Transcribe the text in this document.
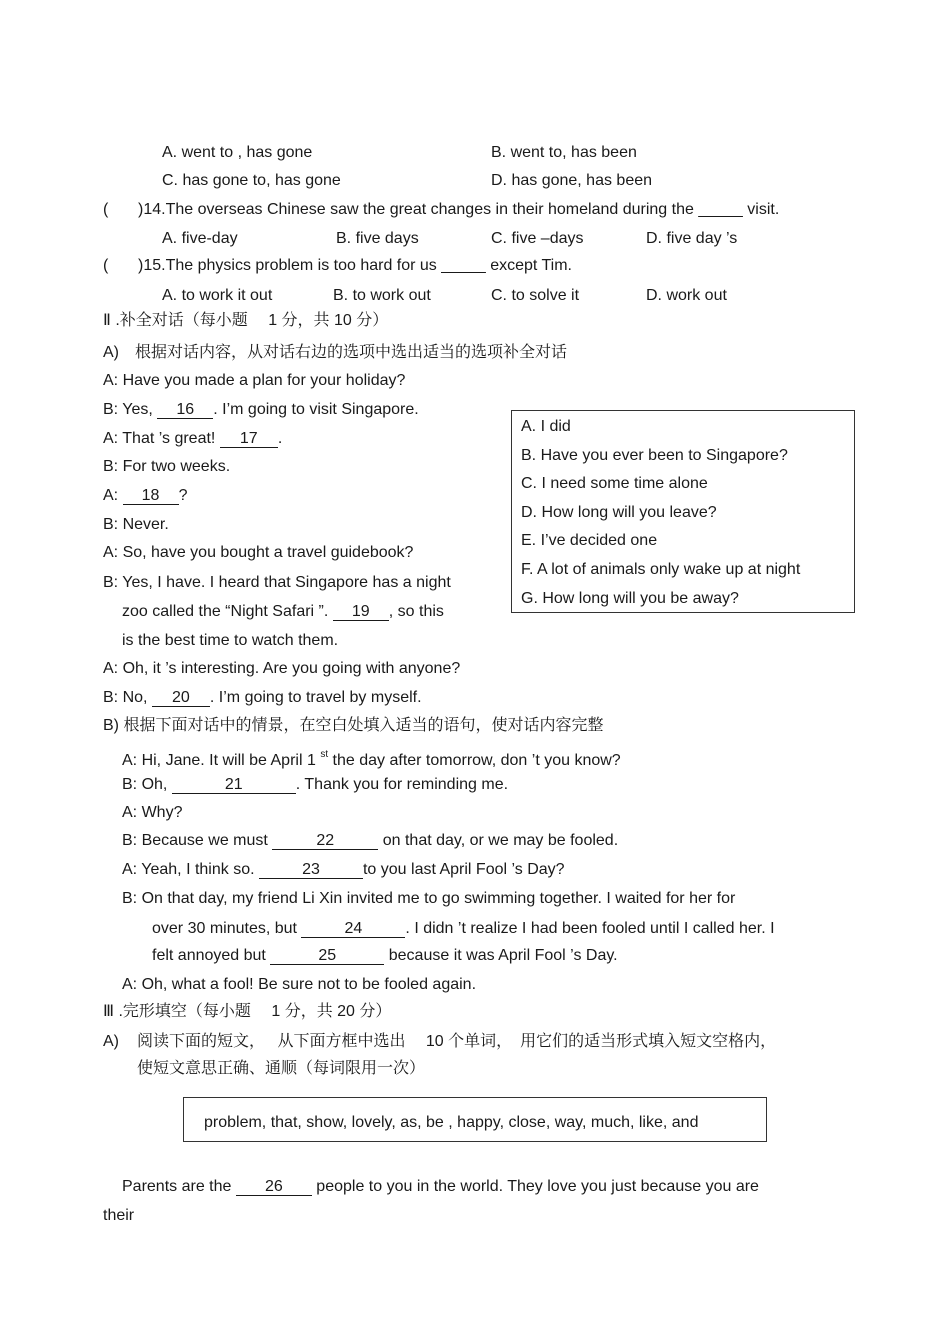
A. went to , has gone	B. went to, has been
C. has gone to, has gone	D. has gone, has been
( )14.The overseas Chinese saw the great changes in their homeland during the _____ visit.
A. five-day	B. five days	C. five –days	D. five day ’s
( )15.The physics problem is too hard for us _____ except Tim.
A. to work it out	B. to work out	C. to solve it	D. work out
Ⅱ .补全对话（每小题　 1 分，共 10 分）
A)　根据对话内容，从对话右边的选项中选出适当的选项补全对话
A: Have you made a plan for your holiday?
B: Yes, 16 . I’m going to visit Singapore.
A: That ’s great! 17 .
B: For two weeks.
A: 18 ?
B: Never.
A: So, have you bought a travel guidebook?
B: Yes, I have. I heard that Singapore has a night
zoo called the “Night Safari ”. 19 , so this
is the best time to watch them.
A: Oh, it ’s interesting. Are you going with anyone?
B: No, 20 . I’m going to travel by myself.
A. I did
B. Have you ever been to Singapore?
C. I need some time alone
D. How long will you leave?
E. I’ve decided one
F. A lot of animals only wake up at night
G. How long will you be away?
B) 根据下面对话中的情景，在空白处填入适当的语句，使对话内容完整
A: Hi, Jane. It will be April 1 $^{st}$ the day after tomorrow, don ’t you know?
B: Oh,	21	. Thank you for reminding me.
A: Why?
B: Because we must	22	on that day, or we may be fooled.
A: Yeah, I think so.	23	to you last April Fool ’s Day?
B: On that day, my friend Li Xin invited me to go swimming together. I waited for her for
over 30 minutes, but	24	. I didn ’t realize I had been fooled until I called her. I
felt annoyed but	25	because it was April Fool ’s Day.
A: Oh, what a fool! Be sure not to be fooled again.
Ⅲ .完形填空（每小题　 1 分，共 20 分）
A) 阅读下面的短文，　 从下面方框中选出　 10 个单词，　用它们的适当形式填入短文空格内，
使短文意思正确、通顺（每词限用一次）
problem, that, show, lovely, as, be , happy, close, way, much, like, and
Parents are the 26 people to you in the world. They love you just because you are
their
